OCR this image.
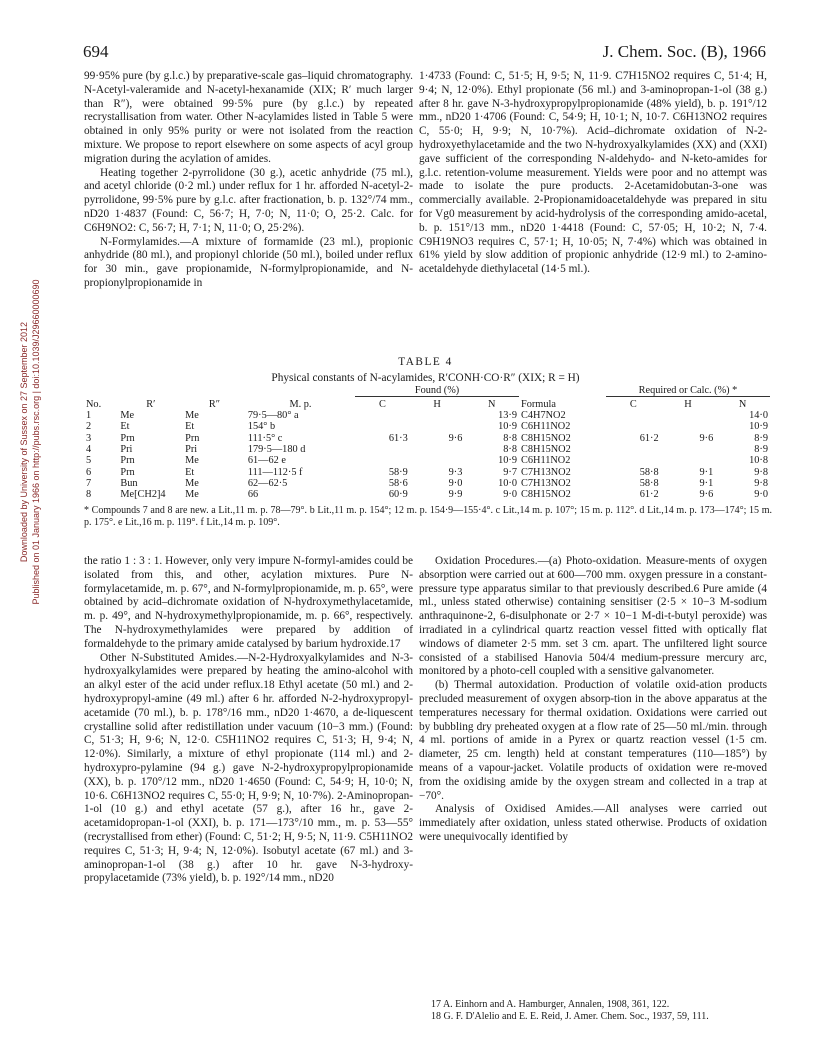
Downloaded by University of Sussex on 27 September 2012 Published on 01 January 1966 on http://pubs.rsc.org | doi:10.1039/J29660000690
694	J. Chem. Soc. (B), 1966

99·95% pure (by g.l.c.) by preparative-scale gas–liquid chromatography. N-Acetyl-valeramide and N-acetyl-hexanamide (XIX; R′ much larger than R″), were obtained 99·5% pure (by g.l.c.) by repeated recrystallisation from water. Other N-acylamides listed in Table 5 were obtained in only 95% purity or were not isolated from the reaction mixture. We propose to report elsewhere on some aspects of acyl group migration during the acylation of amides.

Heating together 2-pyrrolidone (30 g.), acetic anhydride (75 ml.), and acetyl chloride (0·2 ml.) under reflux for 1 hr. afforded N-acetyl-2-pyrrolidone, 99·5% pure by g.l.c. after fractionation, b. p. 132°/74 mm., nD20 1·4837 (Found: C, 56·7; H, 7·0; N, 11·0; O, 25·2. Calc. for C6H9NO2: C, 56·7; H, 7·1; N, 11·0; O, 25·2%).

N-Formylamides.—A mixture of formamide (23 ml.), propionic anhydride (80 ml.), and propionyl chloride (50 ml.), boiled under reflux for 30 min., gave propionamide, N-formylpropionamide, and N-propionylpropionamide in

1·4733 (Found: C, 51·5; H, 9·5; N, 11·9. C7H15NO2 requires C, 51·4; H, 9·4; N, 12·0%). Ethyl propionate (56 ml.) and 3-aminopropan-1-ol (38 g.) after 8 hr. gave N-3-hydroxypropylpropionamide (48% yield), b. p. 191°/12 mm., nD20 1·4706 (Found: C, 54·9; H, 10·1; N, 10·7. C6H13NO2 requires C, 55·0; H, 9·9; N, 10·7%). Acid–dichromate oxidation of N-2-hydroxyethylacetamide and the two N-hydroxyalkylamides (XX) and (XXI) gave sufficient of the corresponding N-aldehydo- and N-keto-amides for g.l.c. retention-volume measurement. Yields were poor and no attempt was made to isolate the pure products. 2-Acetamidobutan-3-one was commercially available. 2-Propionamidoacetaldehyde was prepared in situ for Vg0 measurement by acid-hydrolysis of the corresponding amido-acetal, b. p. 151°/13 mm., nD20 1·4418 (Found: C, 57·05; H, 10·2; N, 7·4. C9H19NO3 requires C, 57·1; H, 10·05; N, 7·4%) which was obtained in 61% yield by slow addition of propionic anhydride (12·9 ml.) to 2-amino-acetaldehyde diethylacetal (14·5 ml.).

TABLE 4
Physical constants of N-acylamides, R′CONH·CO·R″ (XIX; R = H)
				Found (%)				Required or Calc. (%) *		

No.	R′	R″	M. p.	C	H	N	Formula	C	H	N
1	Me	Me	79·5—80° a			13·9	C4H7NO2			14·0
2	Et	Et	154° b			10·9	C6H11NO2			10·9
3	Prn	Prn	111·5° c	61·3	9·6	8·8	C8H15NO2	61·2	9·6	8·9
4	Pri	Pri	179·5—180 d			8·8	C8H15NO2			8·9
5	Prn	Me	61—62 e			10·9	C6H11NO2			10·8
6	Prn	Et	111—112·5 f	58·9	9·3	9·7	C7H13NO2	58·8	9·1	9·8
7	Bun	Me	62—62·5	58·6	9·0	10·0	C7H13NO2	58·8	9·1	9·8
8	Me[CH2]4	Me	66	60·9	9·9	9·0	C8H15NO2	61·2	9·6	9·0
* Compounds 7 and 8 are new. a Lit.,11 m. p. 78—79°. b Lit.,11 m. p. 154°; 12 m. p. 154·9—155·4°. c Lit.,14 m. p. 107°; 15 m. p. 112°. d Lit.,14 m. p. 173—174°; 15 m. p. 175°. e Lit.,16 m. p. 119°. f Lit.,14 m. p. 109°.

the ratio 1 : 3 : 1. However, only very impure N-formyl-amides could be isolated from this, and other, acylation mixtures. Pure N-formylacetamide, m. p. 67°, and N-formylpropionamide, m. p. 65°, were obtained by acid–dichromate oxidation of N-hydroxymethylacetamide, m. p. 49°, and N-hydroxymethylpropionamide, m. p. 66°, respectively. The N-hydroxymethylamides were prepared by addition of formaldehyde to the primary amide catalysed by barium hydroxide.17

Other N-Substituted Amides.—N-2-Hydroxyalkylamides and N-3-hydroxyalkylamides were prepared by heating the amino-alcohol with an alkyl ester of the acid under reflux.18 Ethyl acetate (50 ml.) and 2-hydroxypropyl-amine (49 ml.) after 6 hr. afforded N-2-hydroxypropyl-acetamide (70 ml.), b. p. 178°/16 mm., nD20 1·4670, a de-liquescent crystalline solid after redistillation under vacuum (10−3 mm.) (Found: C, 51·3; H, 9·6; N, 12·0. C5H11NO2 requires C, 51·3; H, 9·4; N, 12·0%). Similarly, a mixture of ethyl propionate (114 ml.) and 2-hydroxypro-pylamine (94 g.) gave N-2-hydroxypropylpropionamide (XX), b. p. 170°/12 mm., nD20 1·4650 (Found: C, 54·9; H, 10·0; N, 10·6. C6H13NO2 requires C, 55·0; H, 9·9; N, 10·7%). 2-Aminopropan-1-ol (10 g.) and ethyl acetate (57 g.), after 16 hr., gave 2-acetamidopropan-1-ol (XXI), b. p. 171—173°/10 mm., m. p. 53—55° (recrystallised from ether) (Found: C, 51·2; H, 9·5; N, 11·9. C5H11NO2 requires C, 51·3; H, 9·4; N, 12·0%). Isobutyl acetate (67 ml.) and 3-aminopropan-1-ol (38 g.) after 10 hr. gave N-3-hydroxy-propylacetamide (73% yield), b. p. 192°/14 mm., nD20

Oxidation Procedures.—(a) Photo-oxidation. Measure-ments of oxygen absorption were carried out at 600—700 mm. oxygen pressure in a constant-pressure type apparatus similar to that previously described.6 Pure amide (4 ml., unless stated otherwise) containing sensitiser (2·5 × 10−3 M-sodium anthraquinone-2, 6-disulphonate or 2·7 × 10−1 M-di-t-butyl peroxide) was irradiated in a cylindrical quartz reaction vessel fitted with optically flat windows of diameter 2·5 mm. set 3 cm. apart. The unfiltered light source consisted of a stabilised Hanovia 504/4 medium-pressure mercury arc, monitored by a photo-cell coupled with a sensitive galvanometer.

(b) Thermal autoxidation. Production of volatile oxid-ation products precluded measurement of oxygen absorp-tion in the above apparatus at the temperatures necessary for thermal oxidation. Oxidations were carried out by bubbling dry preheated oxygen at a flow rate of 25—50 ml./min. through 4 ml. portions of amide in a Pyrex or quartz reaction vessel (1·5 cm. diameter, 25 cm. length) held at constant temperatures (110—185°) by means of a vapour-jacket. Volatile products of oxidation were re-moved from the oxidising amide by the oxygen stream and collected in a trap at −70°.

Analysis of Oxidised Amides.—All analyses were carried out immediately after oxidation, unless stated otherwise. Products of oxidation were unequivocally identified by

17 A. Einhorn and A. Hamburger, Annalen, 1908, 361, 122.
18 G. F. D'Alelio and E. E. Reid, J. Amer. Chem. Soc., 1937, 59, 111.
